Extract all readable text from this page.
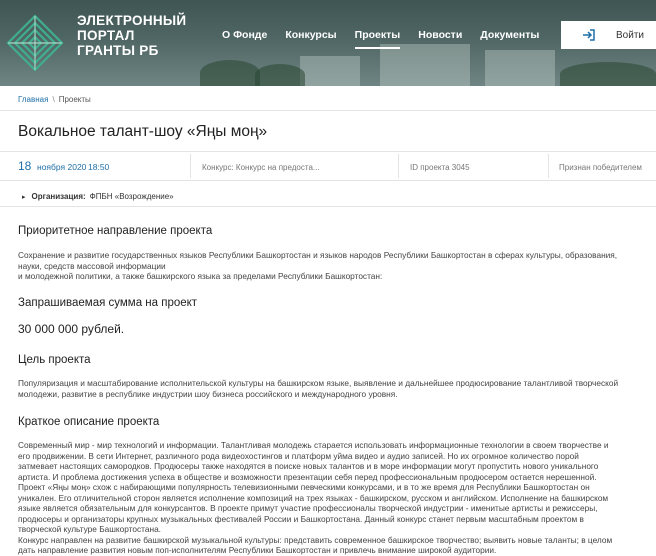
ЭЛЕКТРОННЫЙ
ПОРТАЛ
ГРАНТЫ РБ
О Фонде Конкурсы Проекты Новости Документы	Войти
Главная \ Проекты
Вокальное талант-шоу «Яңы моң»
18 ноября 2020 18:50	Конкурс: Конкурс на предоста...	ID проекта 3045	Признан победителем
▸ Организация: ФПБН «Возрождение»
Приоритетное направление проекта
Сохранение и развитие государственных языков Республики Башкортостан и языков народов Республики Башкортостан в сферах культуры, образования,
науки, средств массовой информации
и молодежной политики, а также башкирского языка за пределами Республики Башкортостан:
Запрашиваемая сумма на проект
30 000 000 рублей.
Цель проекта
Популяризация и масштабирование исполнительской культуры на башкирском языке, выявление и дальнейшее продюсирование талантливой творческой
молодежи, развитие в республике индустрии шоу бизнеса российского и международного уровня.
Краткое описание проекта
Современный мир - мир технологий и информации. Талантливая молодежь старается использовать информационные технологии в своем творчестве и
его продвижении. В сети Интернет, различного рода видеохостингов и платформ уйма видео и аудио записей. Но их огромное количество порой
затмевает настоящих самородков. Продюсеры также находятся в поиске новых талантов и в море информации могут пропустить нового уникального
артиста. И проблема достижения успеха в обществе и возможности презентации себя перед профессиональным продюсером остается нерешенной.
Проект «Яңы моң» схож с набирающими популярность телевизионными певческими конкурсами, и в то же время для Республики Башкортостан он
уникален. Его отличительной сторон является исполнение композиций на трех языках - башкирском, русском и английском. Исполнение на башкирском
языке является обязательным для конкурсантов. В проекте примут участие профессионалы творческой индустрии - именитые артисты и режиссеры,
продюсеры и организаторы крупных музыкальных фестивалей России и Башкортостана. Данный конкурс станет первым масштабным проектом в
творческой культуре Башкортостана.
Конкурс направлен на развитие башкирской музыкальной культуры: представить современное башкирское творчество; выявить новые таланты; в целом
дать направление развития новым поп-исполнителям Республики Башкортостан и привлечь внимание широкой аудитории.
